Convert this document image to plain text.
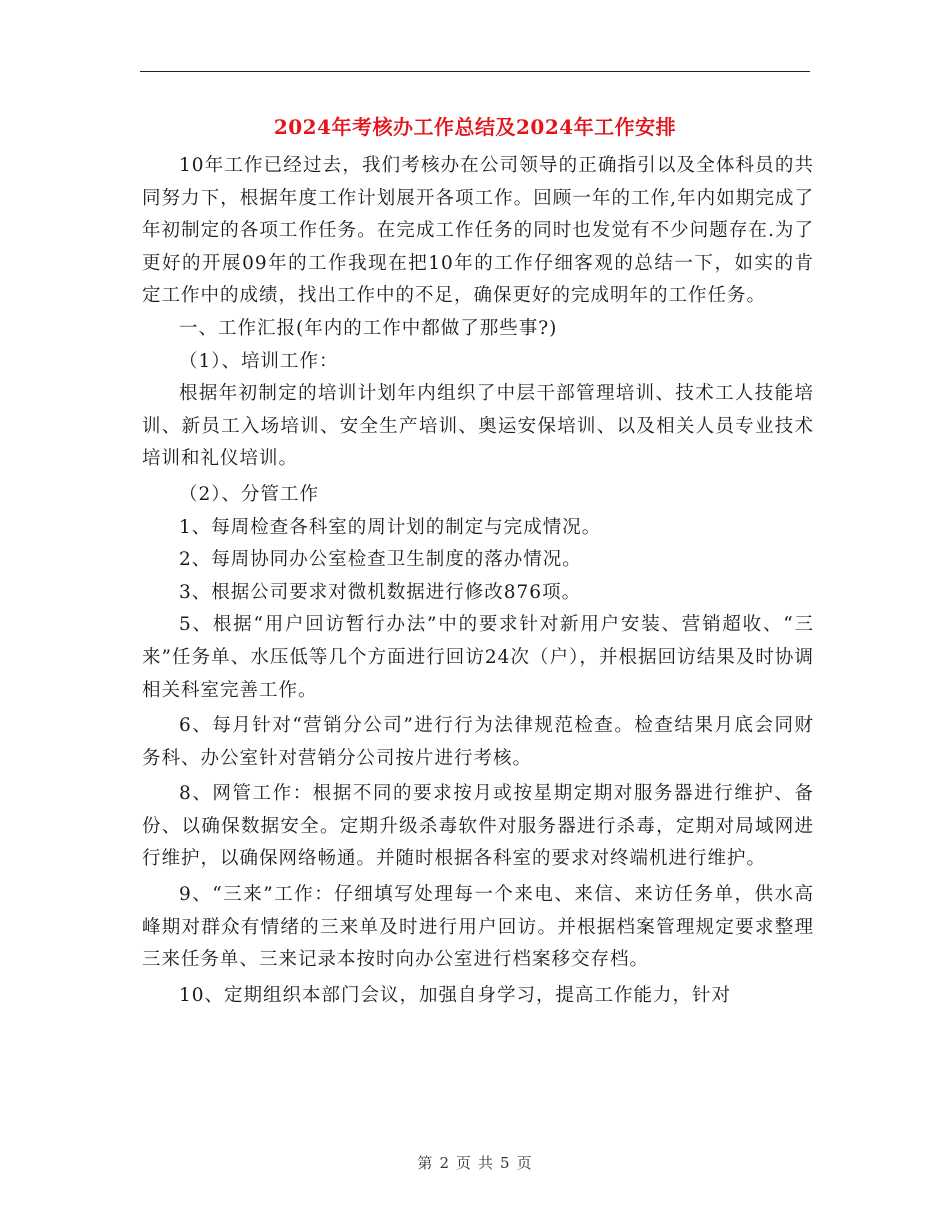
2024年考核办工作总结及2024年工作安排

10年工作已经过去，我们考核办在公司领导的正确指引以及全体科员的共同努力下，根据年度工作计划展开各项工作。回顾一年的工作,年内如期完成了年初制定的各项工作任务。在完成工作任务的同时也发觉有不少问题存在.为了更好的开展09年的工作我现在把10年的工作仔细客观的总结一下，如实的肯定工作中的成绩，找出工作中的不足，确保更好的完成明年的工作任务。

一、工作汇报(年内的工作中都做了那些事?)

（1）、培训工作：

根据年初制定的培训计划年内组织了中层干部管理培训、技术工人技能培训、新员工入场培训、安全生产培训、奥运安保培训、以及相关人员专业技术培训和礼仪培训。

（2）、分管工作

1、每周检查各科室的周计划的制定与完成情况。

2、每周协同办公室检查卫生制度的落办情况。

3、根据公司要求对微机数据进行修改876项。

5、根据“用户回访暂行办法”中的要求针对新用户安装、营销超收、“三来”任务单、水压低等几个方面进行回访24次（户），并根据回访结果及时协调相关科室完善工作。

6、每月针对“营销分公司”进行行为法律规范检查。检查结果月底会同财务科、办公室针对营销分公司按片进行考核。

8、网管工作：根据不同的要求按月或按星期定期对服务器进行维护、备份、以确保数据安全。定期升级杀毒软件对服务器进行杀毒，定期对局域网进行维护，以确保网络畅通。并随时根据各科室的要求对终端机进行维护。

9、“三来”工作：仔细填写处理每一个来电、来信、来访任务单，供水高峰期对群众有情绪的三来单及时进行用户回访。并根据档案管理规定要求整理三来任务单、三来记录本按时向办公室进行档案移交存档。

10、定期组织本部门会议，加强自身学习，提高工作能力，针对

第 2 页 共 5 页
